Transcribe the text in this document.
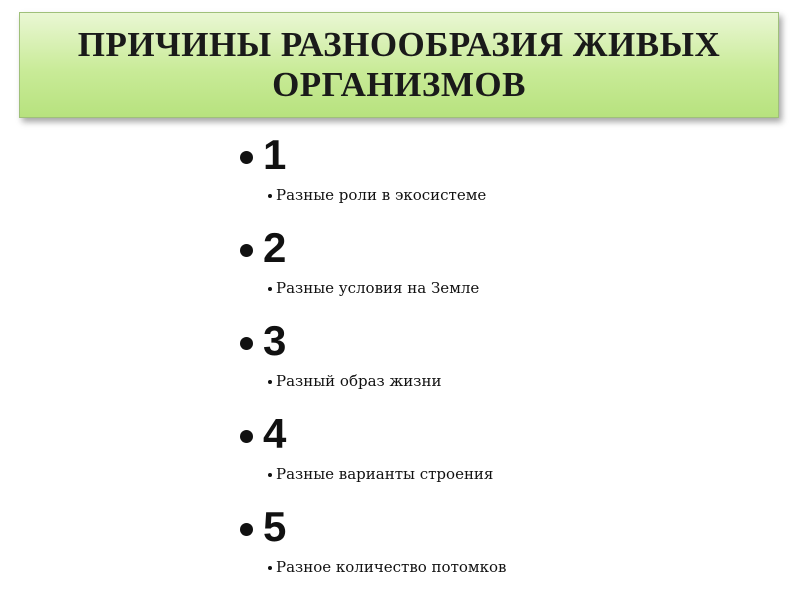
ПРИЧИНЫ РАЗНООБРАЗИЯ ЖИВЫХ ОРГАНИЗМОВ
1
Разные роли в экосистеме
2
Разные условия на Земле
3
Разный образ жизни
4
Разные варианты строения
5
Разное количество потомков
